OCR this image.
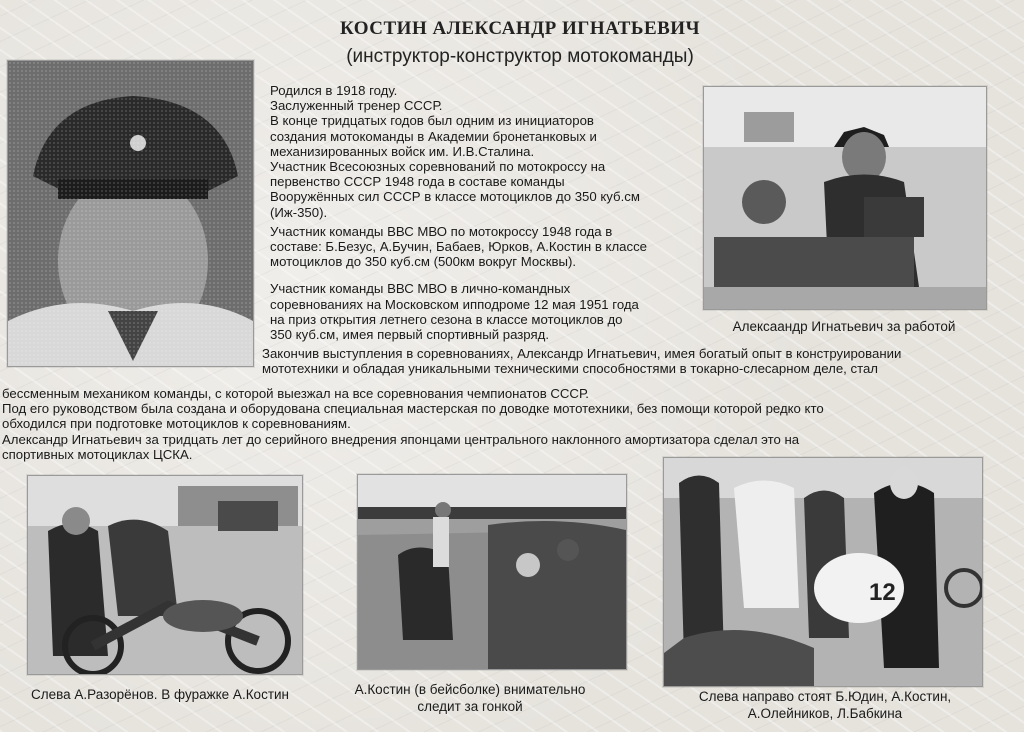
КОСТИН АЛЕКСАНДР ИГНАТЬЕВИЧ
(инструктор-конструктор мотокоманды)

Родился в 1918 году.

Заслуженный тренер СССР.

В конце тридцатых годов был одним из инициаторов

создания мотокоманды в Академии бронетанковых и

механизированных войск им. И.В.Сталина.

Участник Всесоюзных соревнований по мотокроссу на

первенство СССР 1948 года в составе команды

Вооружённых сил СССР в классе мотоциклов до 350 куб.см

(Иж-350).

Участник команды ВВС МВО по мотокроссу 1948 года в

составе: Б.Безус, А.Бучин, Бабаев, Юрков, А.Костин в классе

мотоциклов до 350 куб.см (500км вокруг Москвы).

Участник команды ВВС МВО в лично-командных

соревнованиях на Московском ипподроме 12 мая 1951 года

на приз открытия летнего сезона в классе мотоциклов до

350 куб.см, имея первый спортивный разряд.

Алексаандр Игнатьевич за работой
Закончив выступления в соревнованиях, Александр Игнатьевич, имея богатый опыт в конструировании
мототехники и обладая уникальными техническими способностями в токарно-слесарном деле, стал
бессменным механиком команды, с которой выезжал на все соревнования чемпионатов СССР.
Под его руководством была создана и оборудована специальная мастерская по доводке мототехники, без помощи которой редко кто
обходился при подготовке мотоциклов к соревнованиям.
Александр Игнатьевич за тридцать лет до серийного внедрения японцами центрального наклонного амортизатора сделал это на
спортивных мотоциклах ЦСКА.
Слева А.Разорёнов. В фуражке А.Костин	А.Костин (в бейсболке) внимательно
следит за гонкой
12
Слева направо стоят Б.Юдин, А.Костин,
А.Олейников, Л.Бабкина
